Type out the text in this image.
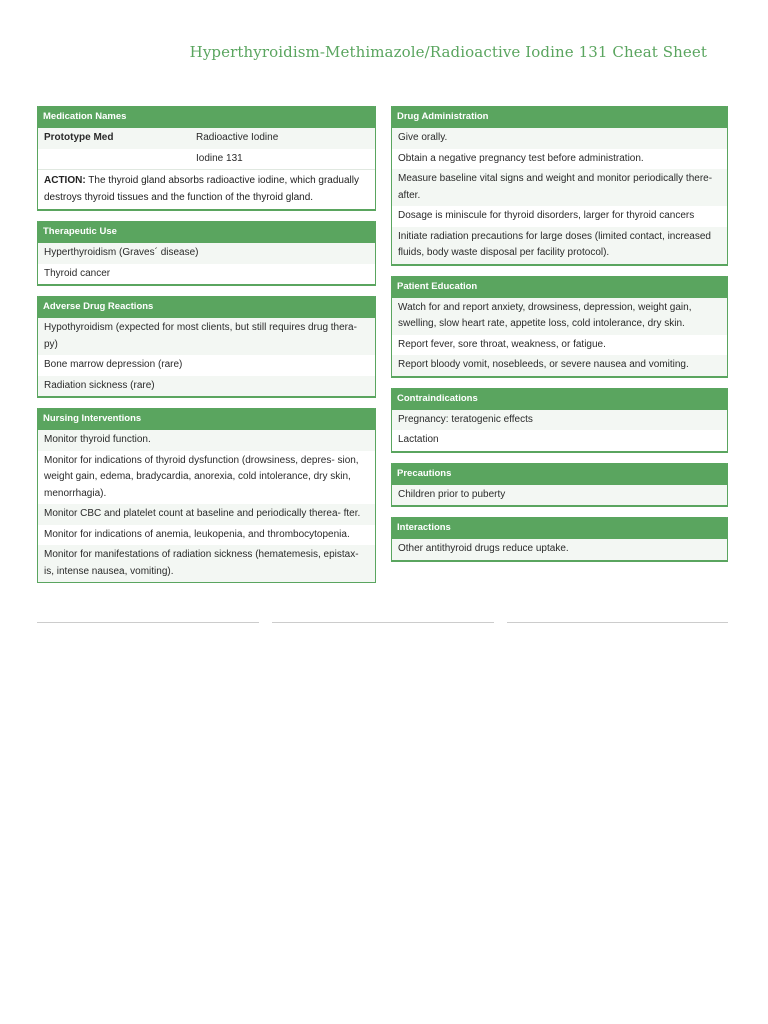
Hyperthyroidism-Methimazole/Radioactive Iodine 131 Cheat Sheet
Medication Names
Prototype Med	Radioactive Iodine
Iodine 131
ACTION: The thyroid gland absorbs radioactive iodine, which gradually destroys thyroid tissues and the function of the thyroid gland.
Therapeutic Use
Hyperthyroidism (Graves´ disease)
Thyroid cancer
Adverse Drug Reactions
Hypothyroidism (expected for most clients, but still requires drug thera- py)
Bone marrow depression (rare)
Radiation sickness (rare)
Nursing Interventions
Monitor thyroid function.
Monitor for indications of thyroid dysfunction (drowsiness, depres- sion, weight gain, edema, bradycardia, anorexia, cold intolerance, dry skin, menorrhagia).
Monitor CBC and platelet count at baseline and periodically therea- fter.
Monitor for indications of anemia, leukopenia, and thrombocytopenia.
Monitor for manifestations of radiation sickness (hematemesis, epistax- is, intense nausea, vomiting).
Drug Administration
Give orally.
Obtain a negative pregnancy test before administration.
Measure baseline vital signs and weight and monitor periodically there- after.
Dosage is miniscule for thyroid disorders, larger for thyroid cancers
Initiate radiation precautions for large doses (limited contact, increased fluids, body waste disposal per facility protocol).
Patient Education
Watch for and report anxiety, drowsiness, depression, weight gain, swelling, slow heart rate, appetite loss, cold intolerance, dry skin.
Report fever, sore throat, weakness, or fatigue.
Report bloody vomit, nosebleeds, or severe nausea and vomiting.
Contraindications
Pregnancy: teratogenic effects
Lactation
Precautions
Children prior to puberty
Interactions
Other antithyroid drugs reduce uptake.
